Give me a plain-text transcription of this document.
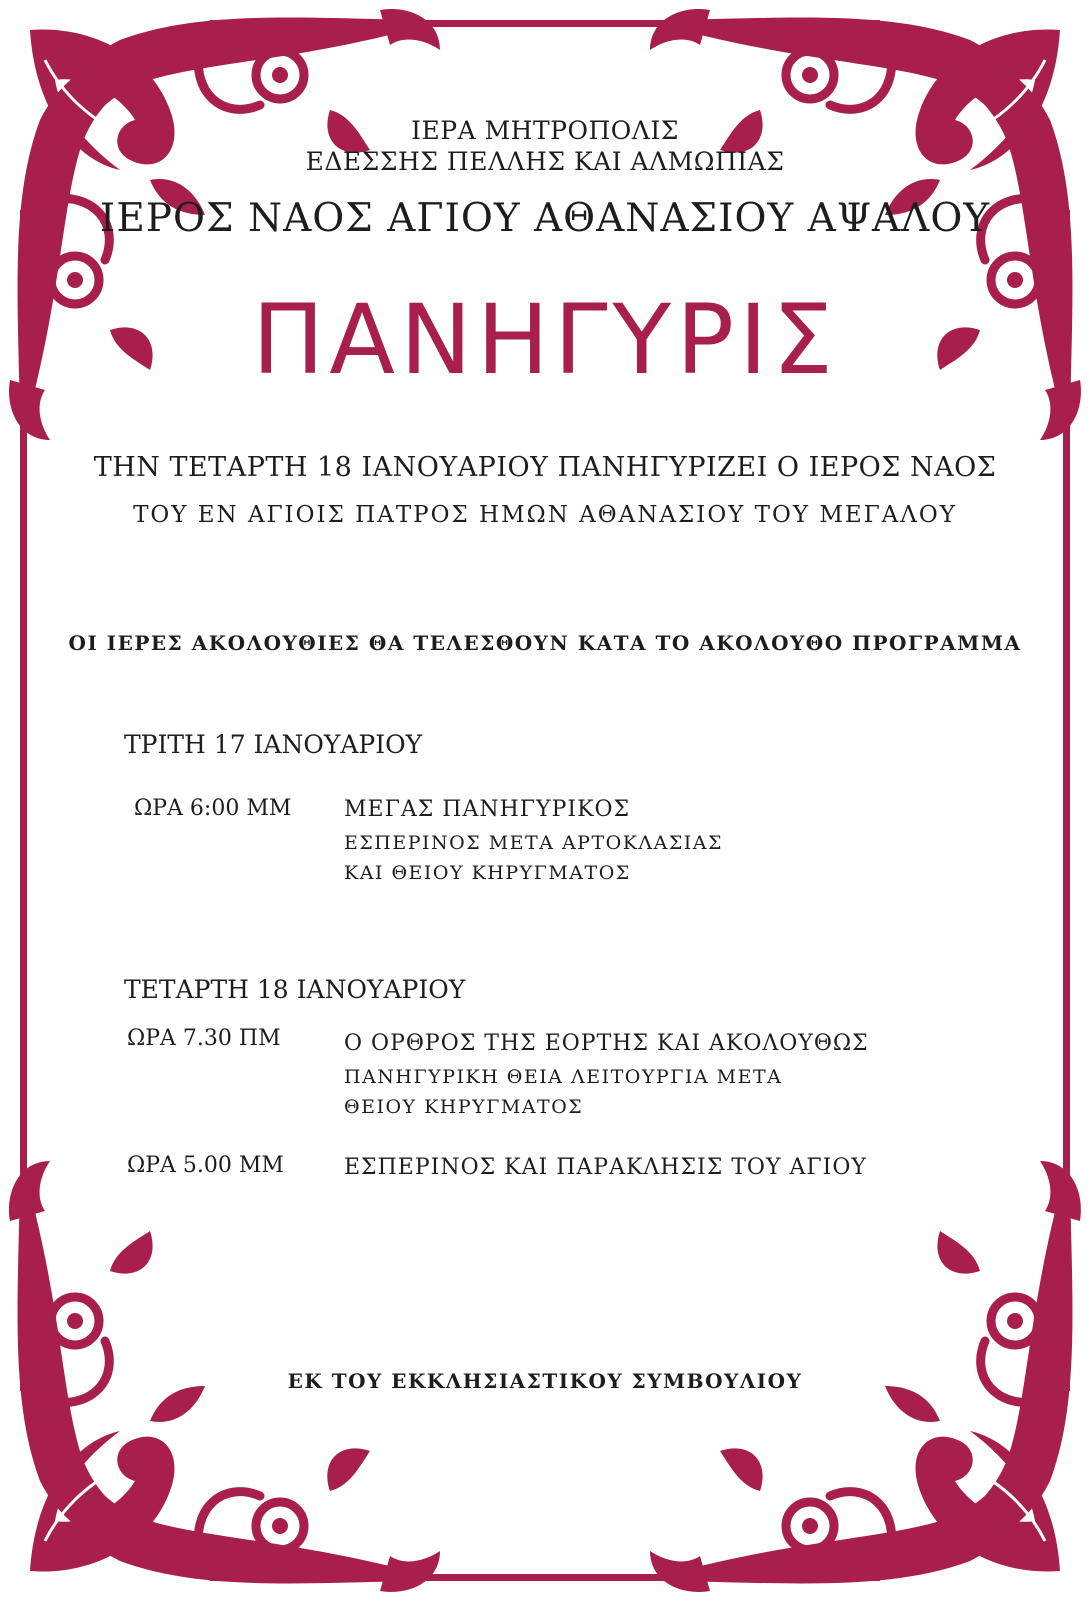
ΙΕΡΑ ΜΗΤΡΟΠΟΛΙΣ
ΕΔΕΣΣΗΣ ΠΕΛΛΗΣ ΚΑΙ ΑΛΜΩΠΙΑΣ
ΙΕΡΟΣ ΝΑΟΣ ΑΓΙΟΥ ΑΘΑΝΑΣΙΟΥ ΑΨΑΛΟΥ
ΠΑΝΗΓΥΡΙΣ
ΤΗΝ ΤΕΤΑΡΤΗ 18 ΙΑΝΟΥΑΡΙΟΥ ΠΑΝΗΓΥΡΙΖΕΙ Ο ΙΕΡΟΣ ΝΑΟΣ
ΤΟΥ ΕΝ ΑΓΙΟΙΣ ΠΑΤΡΟΣ ΗΜΩΝ ΑΘΑΝΑΣΙΟΥ ΤΟΥ ΜΕΓΑΛΟΥ
ΟΙ ΙΕΡΕΣ ΑΚΟΛΟΥΘΙΕΣ ΘΑ ΤΕΛΕΣΘΟΥΝ ΚΑΤΑ ΤΟ ΑΚΟΛΟΥΘΟ ΠΡΟΓΡΑΜΜΑ
ΤΡΙΤΗ 17 ΙΑΝΟΥΑΡΙΟΥ
ΩΡΑ 6:00 ΜΜ ΜΕΓΑΣ ΠΑΝΗΓΥΡΙΚΟΣ
ΕΣΠΕΡΙΝΟΣ ΜΕΤΑ ΑΡΤΟΚΛΑΣΙΑΣ
ΚΑΙ ΘΕΙΟΥ ΚΗΡΥΓΜΑΤΟΣ
ΤΕΤΑΡΤΗ 18 ΙΑΝΟΥΑΡΙΟΥ
ΩΡΑ 7.30 ΠΜ	Ο ΟΡΘΡΟΣ ΤΗΣ ΕΟΡΤΗΣ ΚΑΙ ΑΚΟΛΟΥΘΩΣ
ΠΑΝΗΓΥΡΙΚΗ ΘΕΙΑ ΛΕΙΤΟΥΡΓΙΑ ΜΕΤΑ
ΘΕΙΟΥ ΚΗΡΥΓΜΑΤΟΣ
ΩΡΑ 5.00 ΜΜ	ΕΣΠΕΡΙΝΟΣ ΚΑΙ ΠΑΡΑΚΛΗΣΙΣ ΤΟΥ ΑΓΙΟΥ
ΕΚ ΤΟΥ ΕΚΚΛΗΣΙΑΣΤΙΚΟΥ ΣΥΜΒΟΥΛΙΟΥ
